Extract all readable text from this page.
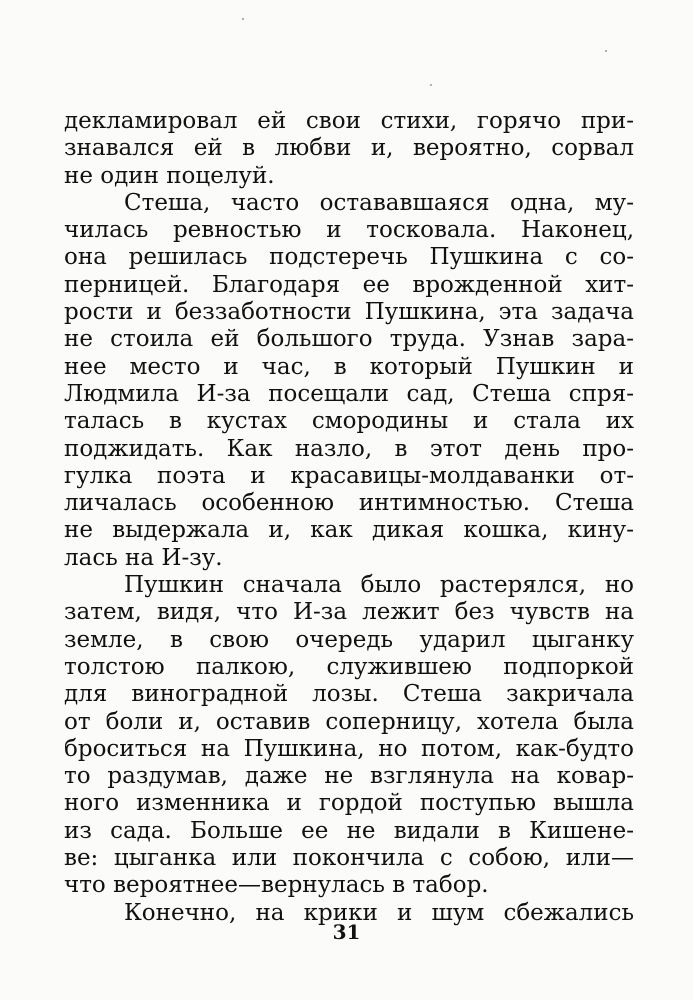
декламировал ей свои стихи, горячо при-
знавался ей в любви и, вероятно, сорвал
не один поцелуй.
Стеша, часто остававшаяся одна, му-
чилась ревностью и тосковала. Наконец,
она решилась подстеречь Пушкина с со-
перницей. Благодаря ее врожденной хит-
рости и беззаботности Пушкина, эта задача
не стоила ей большого труда. Узнав зара-
нее место и час, в который Пушкин и
Людмила И-за посещали сад, Стеша спря-
талась в кустах смородины и стала их
поджидать. Как назло, в этот день про-
гулка поэта и красавицы-молдаванки от-
личалась особенною интимностью. Стеша
не выдержала и, как дикая кошка, кину-
лась на И-зу.
Пушкин сначала было растерялся, но
затем, видя, что И-за лежит без чувств на
земле, в свою очередь ударил цыганку
толстою палкою, служившею подпоркой
для виноградной лозы. Стеша закричала
от боли и, оставив соперницу, хотела была
броситься на Пушкина, но потом, как-будто
то раздумав, даже не взглянула на ковар-
ного изменника и гордой поступью вышла
из сада. Больше ее не видали в Кишене-
ве: цыганка или покончила с собою, или—
что вероятнее—вернулась в табор.
Конечно, на крики и шум сбежались
31
